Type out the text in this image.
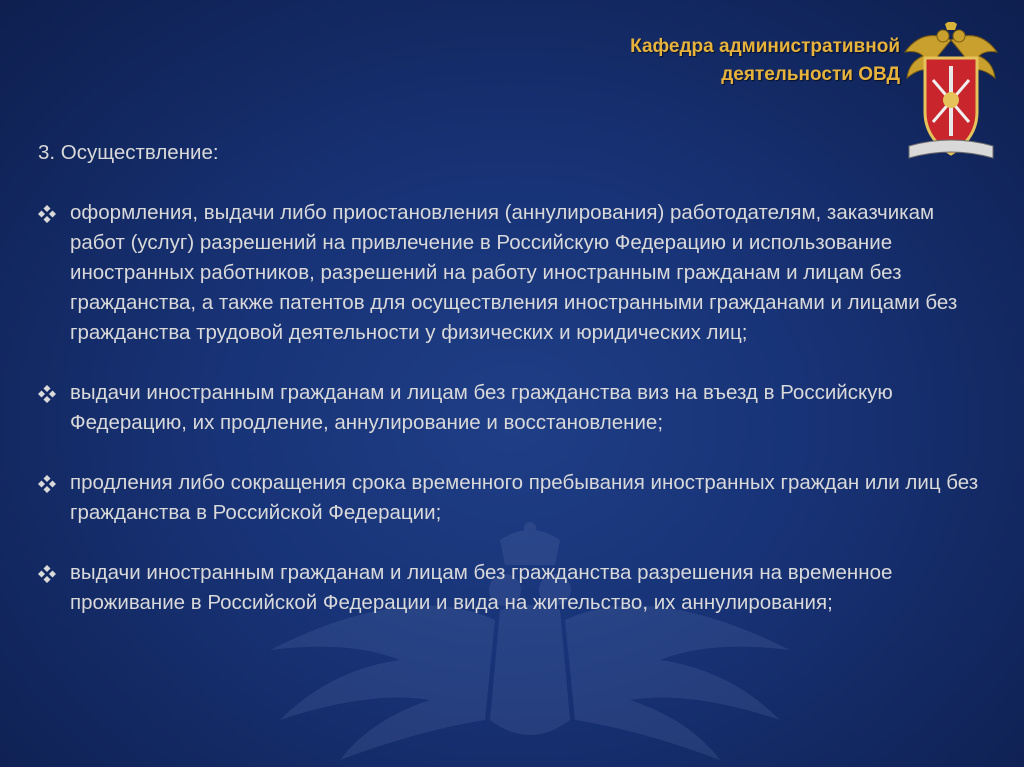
Кафедра административной
деятельности ОВД

3. Осуществление:

оформления, выдачи либо приостановления (аннулирования) работодателям, заказчикам работ (услуг) разрешений на привлечение в Российскую Федерацию и использование иностранных работников, разрешений на работу иностранным гражданам и лицам без гражданства, а также патентов для осуществления иностранными гражданами и лицами без гражданства трудовой деятельности у физических и юридических лиц;
выдачи иностранным гражданам и лицам без гражданства виз на въезд в Российскую Федерацию, их продление, аннулирование и восстановление;
продления либо сокращения срока временного пребывания иностранных граждан или лиц без гражданства в Российской Федерации;
выдачи иностранным гражданам и лицам без гражданства разрешения на временное проживание в Российской Федерации и вида на жительство, их аннулирования;
